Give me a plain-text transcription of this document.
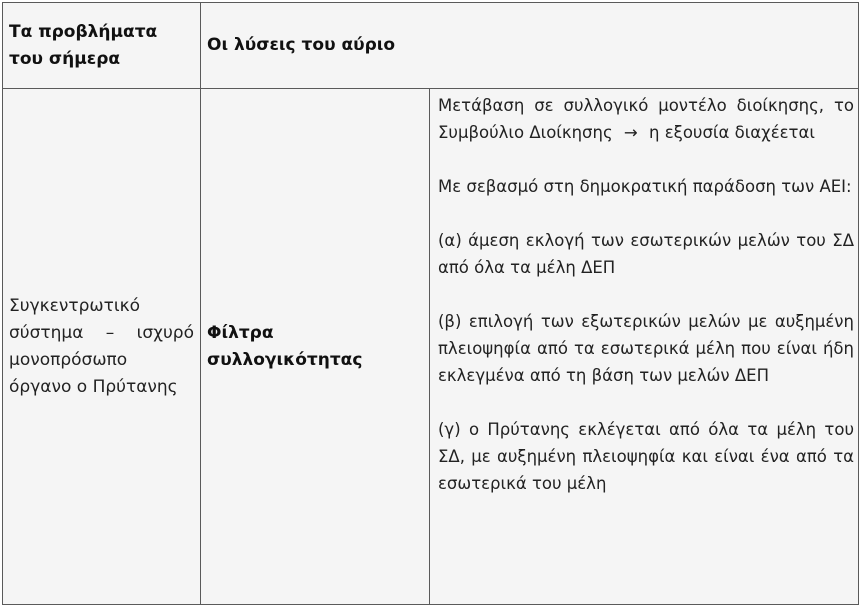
Τα προβλήματα του σήμερα	Οι λύσεις του αύριο	
Συγκεντρωτικό σύστημα – ισχυρό μονοπρόσωπο όργανο ο Πρύτανης	Φίλτρα συλλογικότητας	Μετάβαση σε συλλογικό μοντέλο διοίκησης, το Συμβούλιο Διοίκησης → η εξουσία διαχέεται

Με σεβασμό στη δημοκρατική παράδοση των ΑΕΙ:

(α) άμεση εκλογή των εσωτερικών μελών του ΣΔ από όλα τα μέλη ΔΕΠ

(β) επιλογή των εξωτερικών μελών με αυξημένη πλειοψηφία από τα εσωτερικά μέλη που είναι ήδη εκλεγμένα από τη βάση των μελών ΔΕΠ

(γ) ο Πρύτανης εκλέγεται από όλα τα μέλη του ΣΔ, με αυξημένη πλειοψηφία και είναι ένα από τα εσωτερικά του μέλη
